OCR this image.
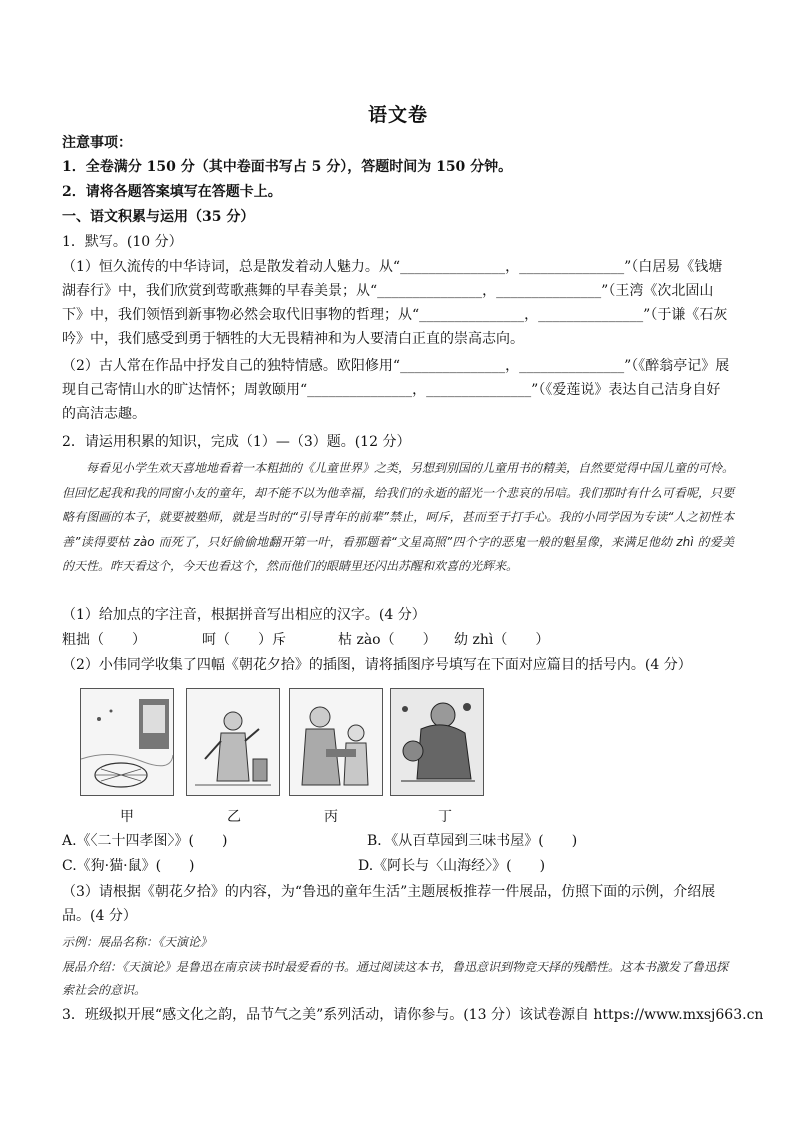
语文卷
注意事项：
1．全卷满分 150 分（其中卷面书写占 5 分），答题时间为 150 分钟。
2．请将各题答案填写在答题卡上。
一、语文积累与运用（35 分）
1．默写。(10 分）
（1）恒久流传的中华诗词，总是散发着动人魅力。从“_______________，_______________”（白居易《钱塘湖春行》中，我们欣赏到莺歌燕舞的早春美景；从“_______________，_______________”（王湾《次北固山下》中，我们领悟到新事物必然会取代旧事物的哲理；从“_______________，_______________”（于谦《石灰吟》中，我们感受到勇于牺牲的大无畏精神和为人要清白正直的崇高志向。
（2）古人常在作品中抒发自己的独特情感。欧阳修用“_______________，_______________”（《醉翁亭记》展现自己寄情山水的旷达情怀；周敦颐用“_______________，_______________”（《爱莲说》表达自己洁身自好的高洁志趣。
2．请运用积累的知识，完成（1）—（3）题。(12 分）
每看见小学生欢天喜地地看着一本粗拙的《儿童世界》之类，另想到别国的儿童用书的精美，自然要觉得中国儿童的可怜。但回忆起我和我的同窗小友的童年，却不能不以为他幸福，给我们的永逝的韶光一个悲哀的吊唁。我们那时有什么可看呢，只要略有图画的本子，就要被塾师，就是当时的“引导青年的前辈”禁止，呵斥，甚而至于打手心。我的小同学因为专读“人之初性本善”读得要枯 zào 而死了，只好偷偷地翻开第一叶，看那题着“文星高照”四个字的恶鬼一般的魁星像，来满足他幼 zhì 的爱美的天性。昨天看这个，今天也看这个，然而他们的眼睛里还闪出苏醒和欢喜的光辉来。
（1）给加点的字注音，根据拼音写出相应的汉字。(4 分）
粗拙（　　）	呵（　　）斥	枯 zào（　　） 幼 zhì（　　）
（2）小伟同学收集了四幅《朝花夕拾》的插图，请将插图序号填写在下面对应篇目的括号内。(4 分）
甲	乙	丙	丁
A.《〈二十四孝图〉》(　　)	B．《从百草园到三味书屋》(　　)
C.《狗·猫·鼠》(　　)	D.《阿长与〈山海经〉》(　　)
（3）请根据《朝花夕拾》的内容，为“鲁迅的童年生活”主题展板推荐一件展品，仿照下面的示例，介绍展品。(4 分）
示例：展品名称：《天演论》
展品介绍：《天演论》是鲁迅在南京读书时最爱看的书。通过阅读这本书，鲁迅意识到物竞天择的残酷性。这本书激发了鲁迅探索社会的意识。
3．班级拟开展“感文化之韵，品节气之美”系列活动，请你参与。(13 分）该试卷源自 https://www.mxsj663.cn
